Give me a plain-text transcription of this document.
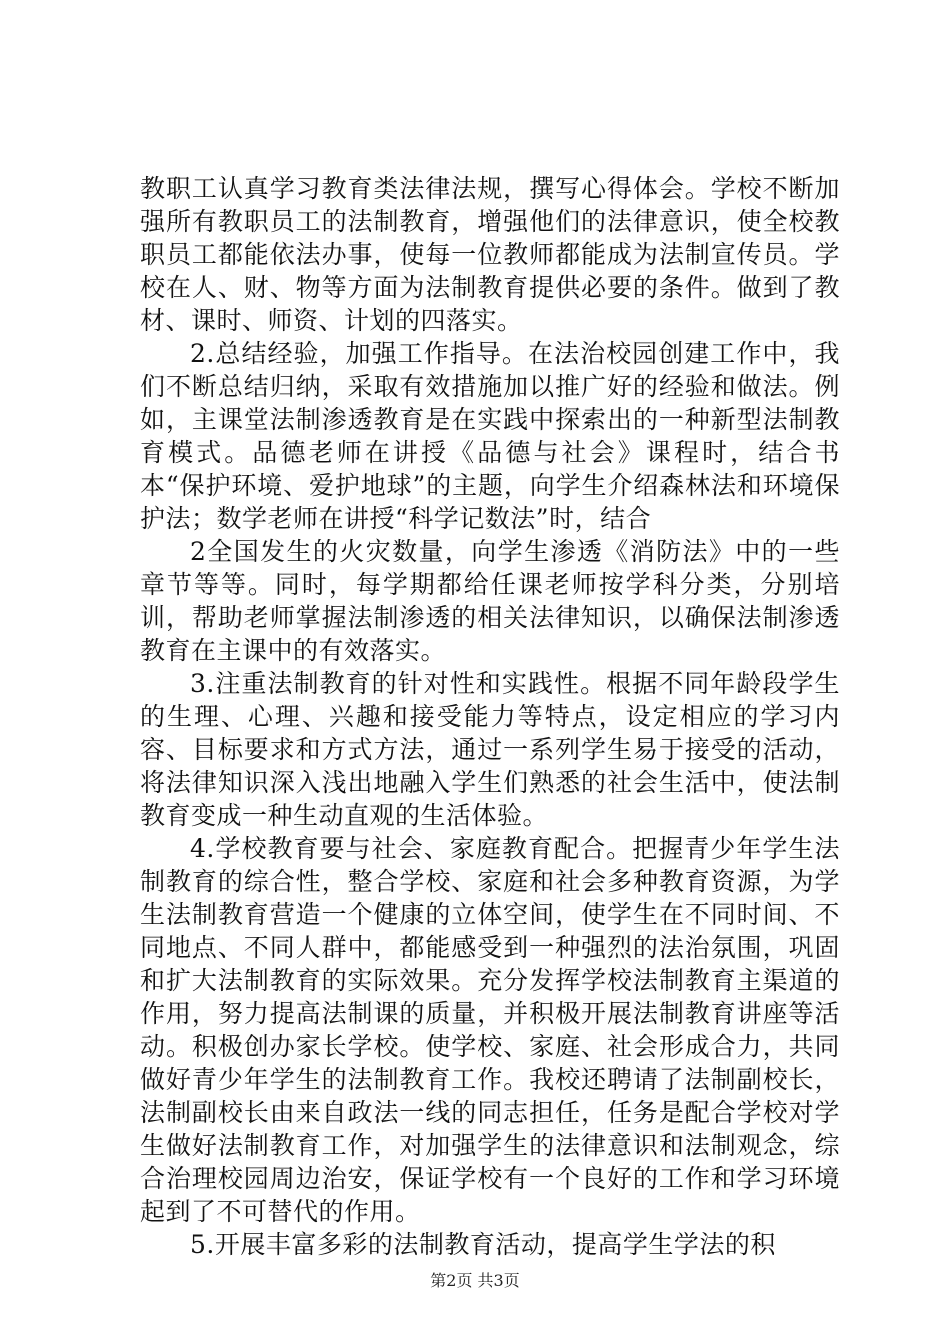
教职工认真学习教育类法律法规，撰写心得体会。学校不断加强所有教职员工的法制教育，增强他们的法律意识，使全校教职员工都能依法办事，使每一位教师都能成为法制宣传员。学校在人、财、物等方面为法制教育提供必要的条件。做到了教材、课时、师资、计划的四落实。

2.总结经验，加强工作指导。在法治校园创建工作中，我们不断总结归纳，采取有效措施加以推广好的经验和做法。例如，主课堂法制渗透教育是在实践中探索出的一种新型法制教育模式。品德老师在讲授《品德与社会》课程时，结合书本“保护环境、爱护地球”的主题，向学生介绍森林法和环境保护法；数学老师在讲授“科学记数法”时，结合

2全国发生的火灾数量，向学生渗透《消防法》中的一些章节等等。同时，每学期都给任课老师按学科分类，分别培训，帮助老师掌握法制渗透的相关法律知识，以确保法制渗透教育在主课中的有效落实。

3.注重法制教育的针对性和实践性。根据不同年龄段学生的生理、心理、兴趣和接受能力等特点，设定相应的学习内容、目标要求和方式方法，通过一系列学生易于接受的活动，将法律知识深入浅出地融入学生们熟悉的社会生活中，使法制教育变成一种生动直观的生活体验。

4.学校教育要与社会、家庭教育配合。把握青少年学生法制教育的综合性，整合学校、家庭和社会多种教育资源，为学生法制教育营造一个健康的立体空间，使学生在不同时间、不同地点、不同人群中，都能感受到一种强烈的法治氛围，巩固和扩大法制教育的实际效果。充分发挥学校法制教育主渠道的作用，努力提高法制课的质量，并积极开展法制教育讲座等活动。积极创办家长学校。使学校、家庭、社会形成合力，共同做好青少年学生的法制教育工作。我校还聘请了法制副校长，法制副校长由来自政法一线的同志担任，任务是配合学校对学生做好法制教育工作，对加强学生的法律意识和法制观念，综合治理校园周边治安，保证学校有一个良好的工作和学习环境起到了不可替代的作用。

5.开展丰富多彩的法制教育活动，提高学生学法的积

第2页 共3页
